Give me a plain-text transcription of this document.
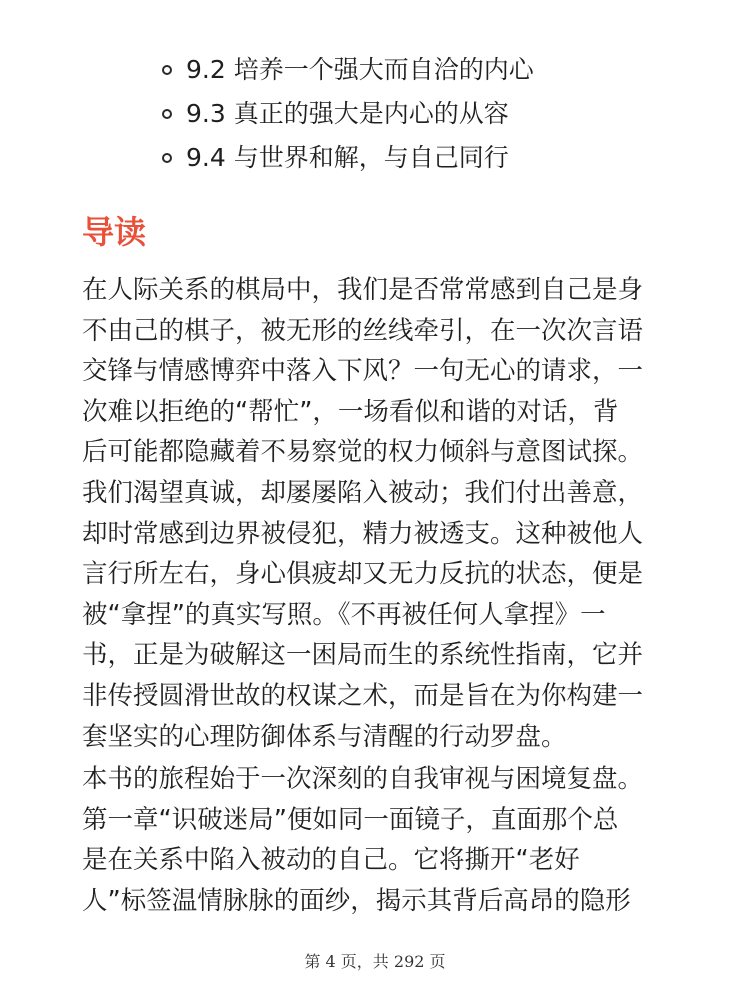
9.2
培养一个强大而自洽的内心
9.3
真正的强大是内心的从容
9.4
与世界和解，与自己同行
导读

在人际关系的棋局中，我们是否常常感到自己是身
不由己的棋子，被无形的丝线牵引，在一次次言语
交锋与情感博弈中落入下风？一句无心的请求，一
次难以拒绝的“帮忙”，一场看似和谐的对话，背
后可能都隐藏着不易察觉的权力倾斜与意图试探。
我们渴望真诚，却屡屡陷入被动；我们付出善意，
却时常感到边界被侵犯，精力被透支。这种被他人
言行所左右，身心俱疲却又无力反抗的状态，便是
被“拿捏”的真实写照。《不再被任何人拿捏》一
书，正是为破解这一困局而生的系统性指南，它并
非传授圆滑世故的权谋之术，而是旨在为你构建一
套坚实的心理防御体系与清醒的行动罗盘。

本书的旅程始于一次深刻的自我审视与困境复盘。
第一章“识破迷局”便如同一面镜子，直面那个总
是在关系中陷入被动的自己。它将撕开“老好
人”标签温情脉脉的面纱，揭示其背后高昂的隐形

第 4 页，共 292 页
